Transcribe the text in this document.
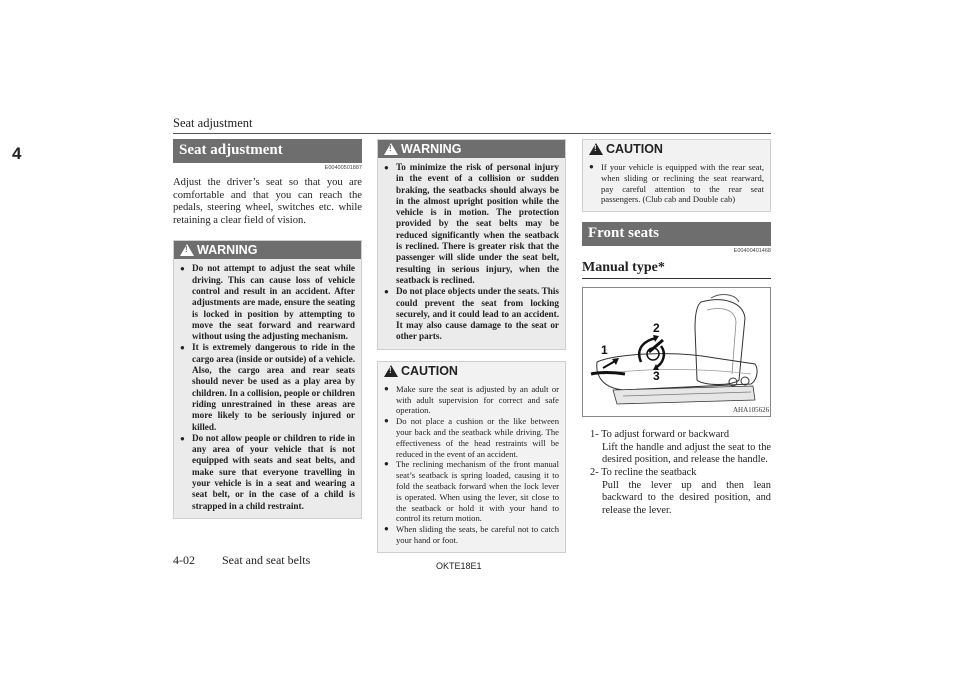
Seat adjustment
4	Seat adjustment
E00400501887
Adjust the driver’s seat so that you are comfortable and that you can reach the pedals, steering wheel, switches etc. while retaining a clear field of vision.
!
WARNING
● Do not attempt to adjust the seat while driving. This can cause loss of vehicle control and result in an accident. After adjustments are made, ensure the seating is locked in position by attempting to move the seat forward and rearward without using the adjusting mechanism.
● It is extremely dangerous to ride in the cargo area (inside or outside) of a vehicle. Also, the cargo area and rear seats should never be used as a play area by children. In a collision, people or children riding unrestrained in these areas are more likely to be seriously injured or killed.
● Do not allow people or children to ride in any area of your vehicle that is not equipped with seats and seat belts, and make sure that everyone travelling in your vehicle is in a seat and wearing a seat belt, or in the case of a child is strapped in a child restraint.
!
WARNING
● To minimize the risk of personal injury in the event of a collision or sudden braking, the seatbacks should always be in the almost upright position while the vehicle is in motion. The protection provided by the seat belts may be reduced significantly when the seatback is reclined. There is greater risk that the passenger will slide under the seat belt, resulting in serious injury, when the seatback is reclined.
● Do not place objects under the seats. This could prevent the seat from locking securely, and it could lead to an accident. It may also cause damage to the seat or other parts.
!
CAUTION
● Make sure the seat is adjusted by an adult or with adult supervision for correct and safe operation.
● Do not place a cushion or the like between your back and the seatback while driving. The effectiveness of the head restraints will be reduced in the event of an accident.
● The reclining mechanism of the front manual seat’s seatback is spring loaded, causing it to fold the seatback forward when the lock lever is operated. When using the lever, sit close to the seatback or hold it with your hand to control its return motion.
● When sliding the seats, be careful not to catch your hand or foot.
!
CAUTION
● If your vehicle is equipped with the rear seat, when sliding or reclining the seat rearward, pay careful attention to the rear seat passengers. (Club cab and Double cab)
Front seats
E00400401468
Manual type*
1
2
3
AHA105626
1- To adjust forward or backward
Lift the handle and adjust the seat to the desired position, and release the handle.
2- To recline the seatback
Pull the lever up and then lean backward to the desired position, and release the lever.
4-02 Seat and seat belts	OKTE18E1
